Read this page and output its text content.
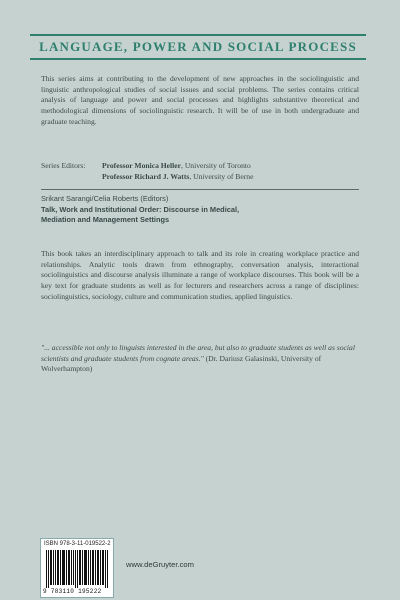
LANGUAGE, POWER AND SOCIAL PROCESS

This series aims at contributing to the development of new approaches in the sociolinguistic and linguistic anthropological studies of social issues and social problems. The series contains critical analysis of language and power and social processes and highlights substantive theoretical and methodological dimensions of sociolinguistic research. It will be of use in both undergraduate and graduate teaching.

Series Editors:	Professor Monica Heller, University of Toronto
Professor Richard J. Watts, University of Berne

Srikant Sarangi/Celia Roberts (Editors)

Talk, Work and Institutional Order: Discourse in Medical,

Mediation and Management Settings

This book takes an interdisciplinary approach to talk and its role in creating workplace practice and relationships. Analytic tools drawn from ethnography, conversation analysis, interactional sociolinguistics and discourse analysis illuminate a range of workplace discourses. This book will be a key text for graduate students as well as for lecturers and researchers across a range of disciplines: sociolinguistics, sociology, culture and communication studies, applied linguistics.

"... accessible not only to linguists interested in the area, but also to graduate students as well as social scientists and graduate students from cognate areas." (Dr. Dariusz Galasinski, University of Wolverhampton)

ISBN 978-3-11-019522-2
9 783110 195222
www.deGruyter.com
